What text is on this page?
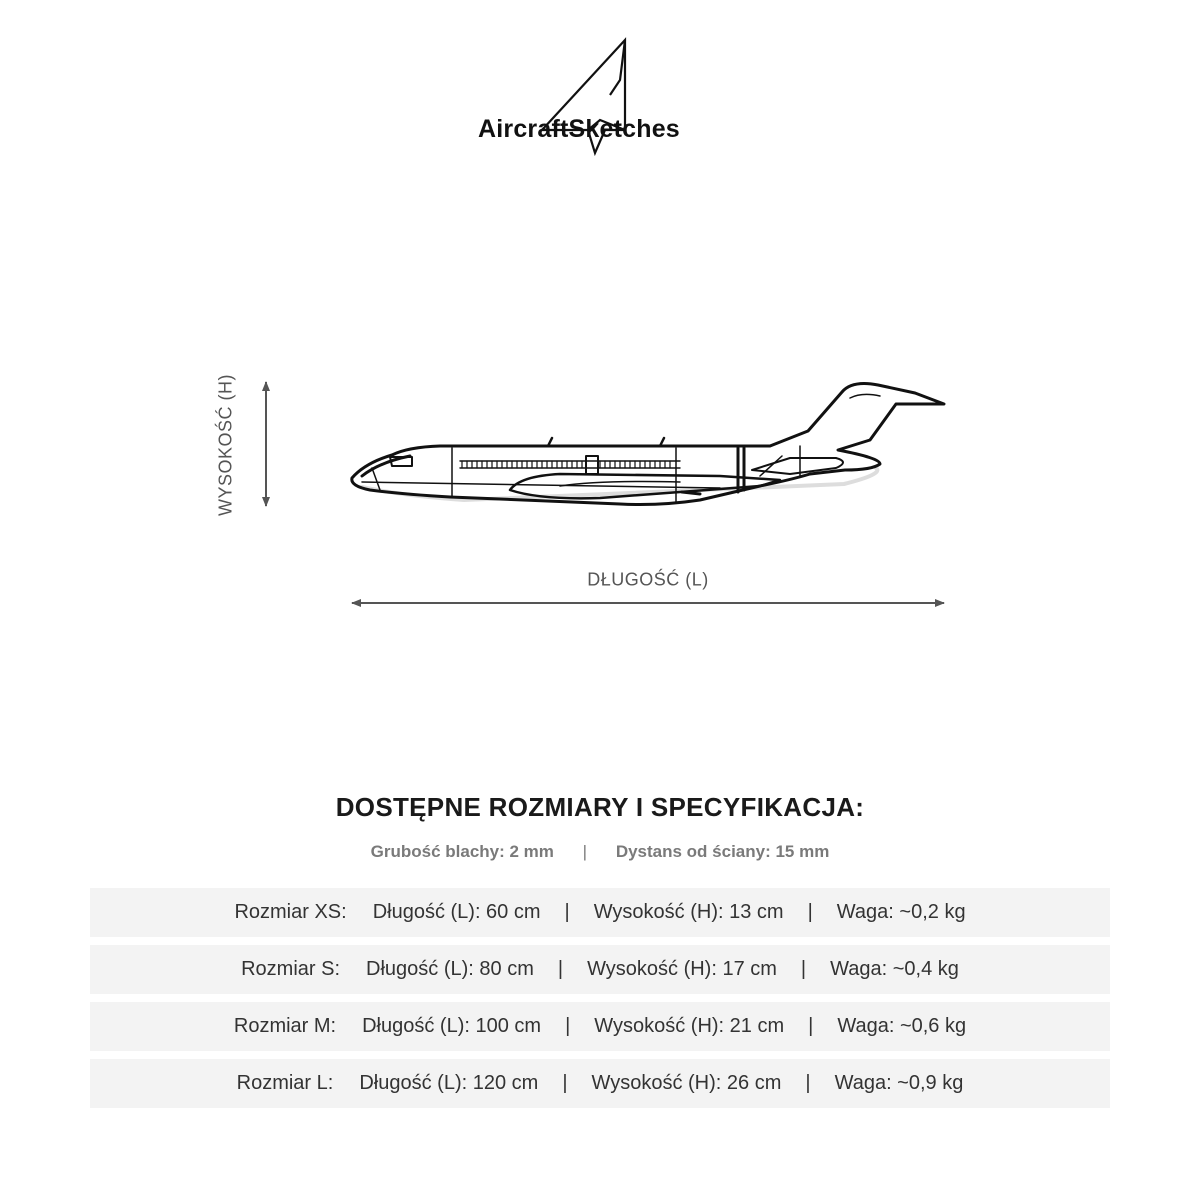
AircraftSketches
WYSOKOŚĆ (H)
DŁUGOŚĆ (L)
DOSTĘPNE ROZMIARY I SPECYFIKACJA:
Grubość blachy: 2 mm | Dystans od ściany: 15 mm
Rozmiar XS: Długość (L): 60 cm | Wysokość (H): 13 cm | Waga: ~0,2 kg
Rozmiar S: Długość (L): 80 cm | Wysokość (H): 17 cm | Waga: ~0,4 kg
Rozmiar M: Długość (L): 100 cm | Wysokość (H): 21 cm | Waga: ~0,6 kg
Rozmiar L: Długość (L): 120 cm | Wysokość (H): 26 cm | Waga: ~0,9 kg
